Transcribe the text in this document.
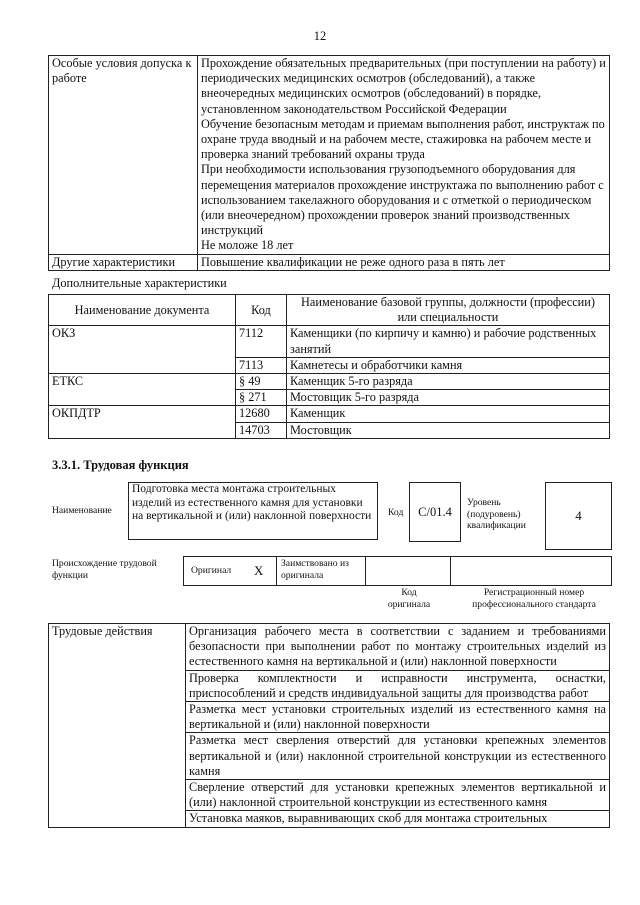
12
Особые условия допуска к работе	Прохождение обязательных предварительных (при поступлении на работу) и периодических медицинских осмотров (обследований), а также внеочередных медицинских осмотров (обследований) в порядке, установленном законодательством Российской Федерации
Обучение безопасным методам и приемам выполнения работ, инструктаж по охране труда вводный и на рабочем месте, стажировка на рабочем месте и проверка знаний требований охраны труда
При необходимости использования грузоподъемного оборудования для перемещения материалов прохождение инструктажа по выполнению работ с использованием такелажного оборудования и с отметкой о периодическом (или внеочередном) прохождении проверок знаний производственных инструкций
Не моложе 18 лет

Другие характеристики	Повышение квалификации не реже одного раза в пять лет
Дополнительные характеристики
Наименование документа	Код	Наименование базовой группы, должности (профессии) или специальности
ОКЗ	7112	Каменщики (по кирпичу и камню) и рабочие родственных занятий
	7113	Камнетесы и обработчики камня
ЕТКС	§ 49	Каменщик 5-го разряда
	§ 271	Мостовщик 5-го разряда
ОКПДТР	12680	Каменщик
	14703	Мостовщик
3.3.1. Трудовая функция
Наименование
Подготовка места монтажа строительных изделий из естественного камня для установки на вертикальной и (или) наклонной поверхности	Код C/01.4
Уровень (подуровень) квалификации
4
Происхождение трудовой функции	Оригинал X Заимствовано из оригинала
Код оригинала
Регистрационный номер профессионального стандарта
Трудовые действия	Организация рабочего места в соответствии с заданием и требованиями безопасности при выполнении работ по монтажу строительных изделий из естественного камня на вертикальной и (или) наклонной поверхности
Проверка комплектности и исправности инструмента, оснастки, приспособлений и средств индивидуальной защиты для производства работ
Разметка мест установки строительных изделий из естественного камня на вертикальной и (или) наклонной поверхности
Разметка мест сверления отверстий для установки крепежных элементов вертикальной и (или) наклонной строительной конструкции из естественного камня
Сверление отверстий для установки крепежных элементов вертикальной и (или) наклонной строительной конструкции из естественного камня
Установка маяков, выравнивающих скоб для монтажа строительных
